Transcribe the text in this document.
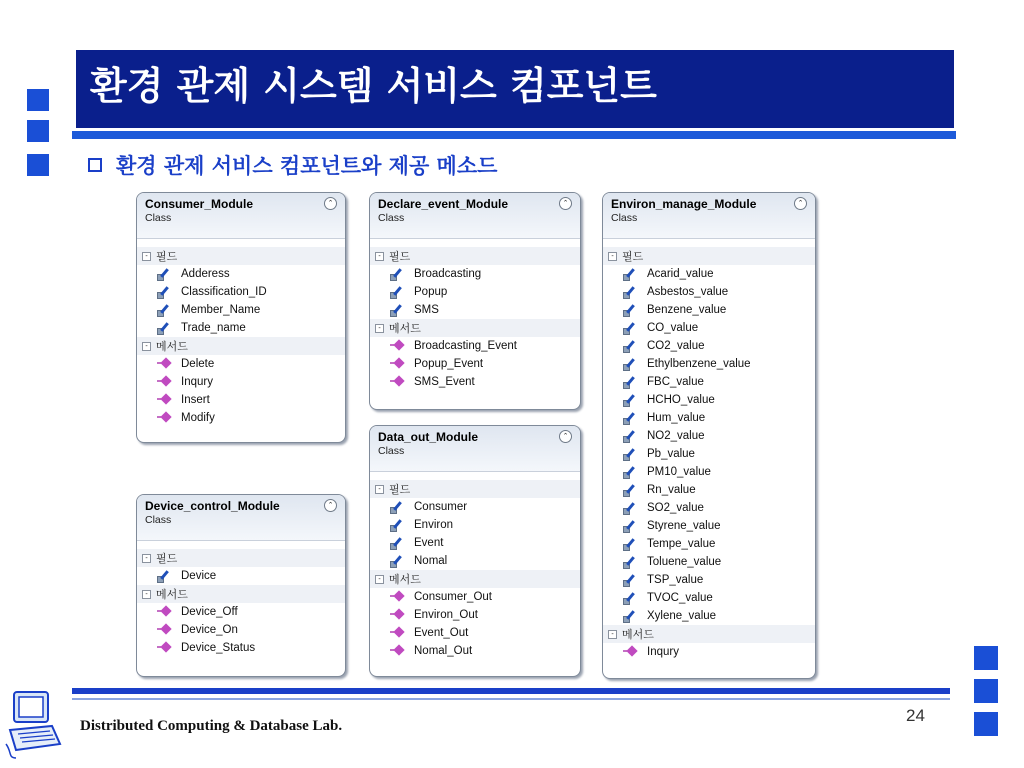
환경 관제 시스템 서비스 컴포넌트
환경 관제 서비스 컴포넌트와 제공 메소드
Consumer_Module
Class
⌃
- 필드
Adderess
Classification_ID
Member_Name
Trade_name
- 메서드
Delete
Inqury
Insert
Modify
Device_control_Module
Class
⌃
- 필드
Device
- 메서드
Device_Off
Device_On
Device_Status
Declare_event_Module
Class
⌃
- 필드
Broadcasting
Popup
SMS
- 메서드
Broadcasting_Event
Popup_Event
SMS_Event
Data_out_Module
Class
⌃
- 필드
Consumer
Environ
Event
Nomal
- 메서드
Consumer_Out
Environ_Out
Event_Out
Nomal_Out
Environ_manage_Module
Class
⌃
- 필드
Acarid_value
Asbestos_value
Benzene_value
CO_value
CO2_value
Ethylbenzene_value
FBC_value
HCHO_value
Hum_value
NO2_value
Pb_value
PM10_value
Rn_value
SO2_value
Styrene_value
Tempe_value
Toluene_value
TSP_value
TVOC_value
Xylene_value
- 메서드
Inqury
Distributed Computing & Database Lab.
24
